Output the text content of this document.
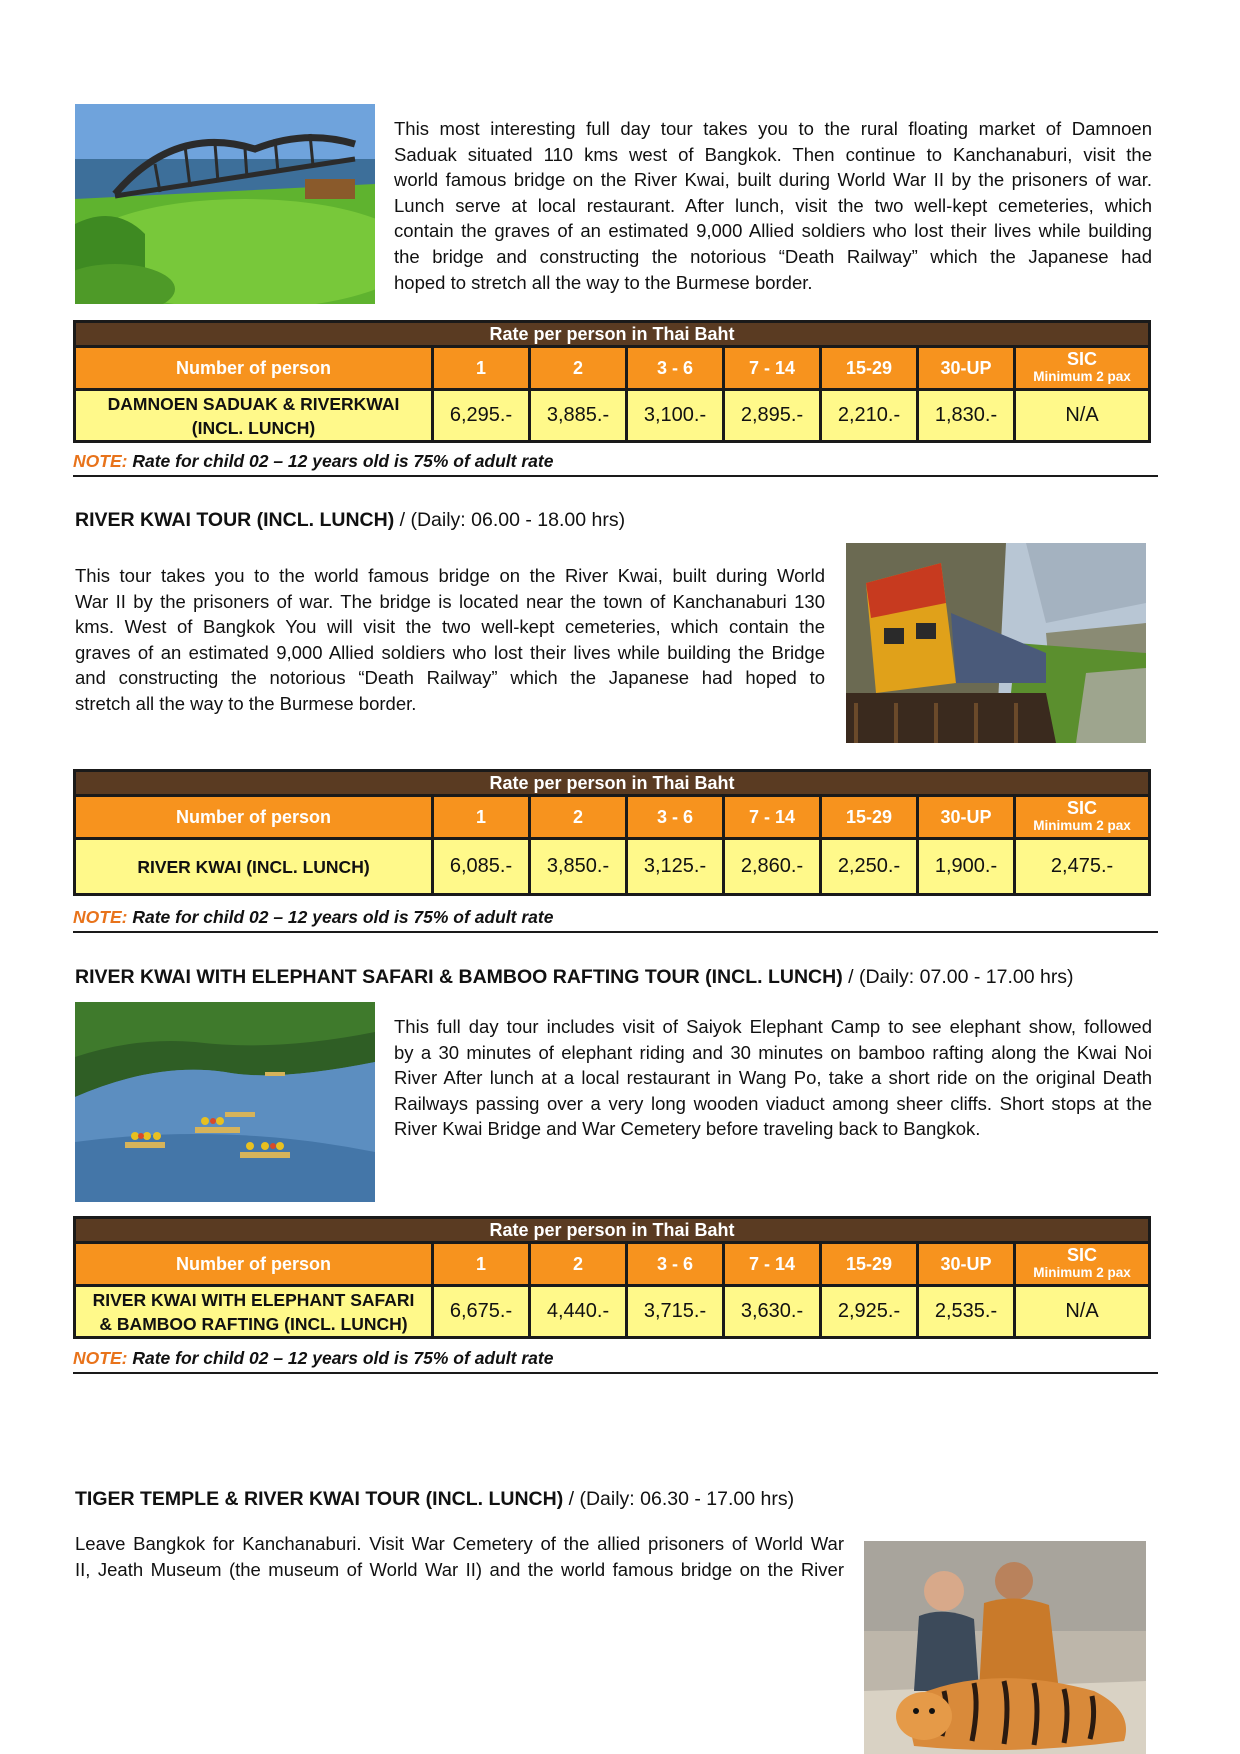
This most interesting full day tour takes you to the rural floating market of Damnoen
Saduak situated 110 kms west of Bangkok. Then continue to Kanchanaburi, visit the
world famous bridge on the River Kwai, built during World War II by the prisoners of war.
Lunch serve at local restaurant. After lunch, visit the two well-kept cemeteries, which
contain the graves of an estimated 9,000 Allied soldiers who lost their lives while building
the bridge and constructing the notorious “Death Railway” which the Japanese had
hoped to stretch all the way to the Burmese border.
Rate per person in Thai Baht							
Number of person	1	2	3 - 6	7 - 14	15-29	30-UP	SIC
Minimum 2 pax

DAMNOEN SADUAK & RIVERKWAI
(INCL. LUNCH)	6,295.-	3,885.-	3,100.-	2,895.-	2,210.-	1,830.-	N/A
NOTE: Rate for child 02 – 12 years old is 75% of adult rate
RIVER KWAI TOUR (INCL. LUNCH) / (Daily: 06.00 - 18.00 hrs)
This tour takes you to the world famous bridge on the River Kwai, built during World
War II by the prisoners of war. The bridge is located near the town of Kanchanaburi 130
kms. West of Bangkok You will visit the two well-kept cemeteries, which contain the
graves of an estimated 9,000 Allied soldiers who lost their lives while building the Bridge
and constructing the notorious “Death Railway” which the Japanese had hoped to
stretch all the way to the Burmese border.
Rate per person in Thai Baht							
Number of person	1	2	3 - 6	7 - 14	15-29	30-UP	SIC
Minimum 2 pax

RIVER KWAI (INCL. LUNCH)	6,085.-	3,850.-	3,125.-	2,860.-	2,250.-	1,900.-	2,475.-
NOTE: Rate for child 02 – 12 years old is 75% of adult rate
RIVER KWAI WITH ELEPHANT SAFARI & BAMBOO RAFTING TOUR (INCL. LUNCH) / (Daily: 07.00 - 17.00 hrs)
This full day tour includes visit of Saiyok Elephant Camp to see elephant show, followed
by a 30 minutes of elephant riding and 30 minutes on bamboo rafting along the Kwai Noi
River After lunch at a local restaurant in Wang Po, take a short ride on the original Death
Railways passing over a very long wooden viaduct among sheer cliffs. Short stops at the
River Kwai Bridge and War Cemetery before traveling back to Bangkok.
Rate per person in Thai Baht							
Number of person	1	2	3 - 6	7 - 14	15-29	30-UP	SIC
Minimum 2 pax

RIVER KWAI WITH ELEPHANT SAFARI
& BAMBOO RAFTING (INCL. LUNCH)	6,675.-	4,440.-	3,715.-	3,630.-	2,925.-	2,535.-	N/A
NOTE: Rate for child 02 – 12 years old is 75% of adult rate
TIGER TEMPLE & RIVER KWAI TOUR (INCL. LUNCH) / (Daily: 06.30 - 17.00 hrs)
Leave Bangkok for Kanchanaburi. Visit War Cemetery of the allied prisoners of World War
II, Jeath Museum (the museum of World War II) and the world famous bridge on the River
